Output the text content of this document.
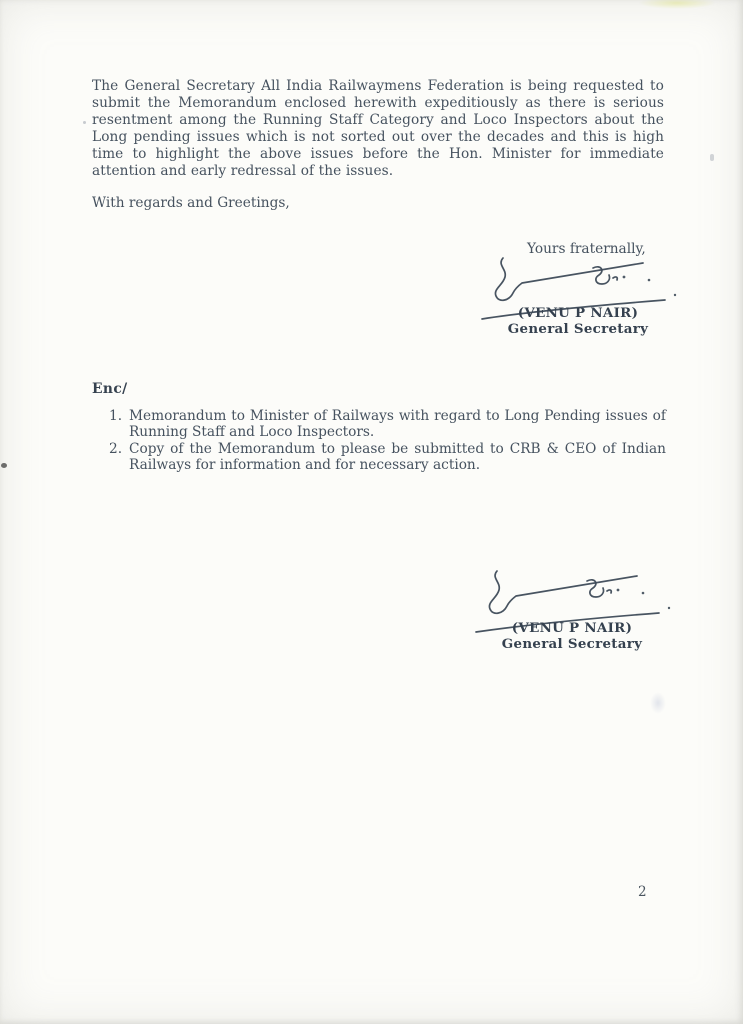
The General Secretary All India Railwaymens Federation is being requested to submit the Memorandum enclosed herewith expeditiously as there is serious resentment among the Running Staff Category and Loco Inspectors about the Long pending issues which is not sorted out over the decades and this is high time to highlight the above issues before the Hon. Minister for immediate attention and early redressal of the issues.

With regards and Greetings,

Yours fraternally,
(VENU P NAIR)
General Secretary
Enc/
1. Memorandum to Minister of Railways with regard to Long Pending issues of Running Staff and Loco Inspectors.
2. Copy of the Memorandum to please be submitted to CRB & CEO of Indian Railways for information and for necessary action.
(VENU P NAIR)
General Secretary
2
